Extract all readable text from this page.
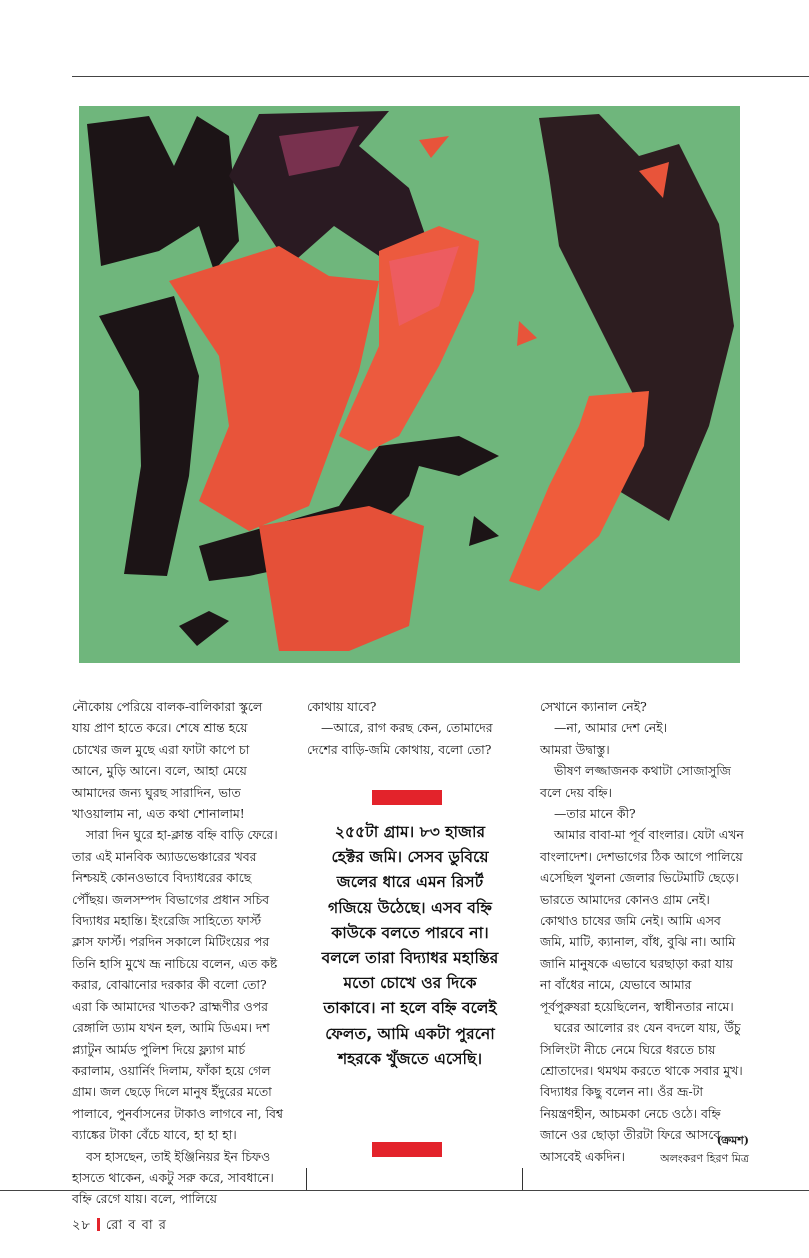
নৌকোয় পেরিয়ে বালক-বালিকারা স্কুলে যায় প্রাণ হাতে করে। শেষে শ্রান্ত হয়ে চোখের জল মুছে এরা ফাটা কাপে চা আনে, মুড়ি আনে। বলে, আহা মেয়ে আমাদের জন্য ঘুরছ সারাদিন, ভাত খাওয়ালাম না, এত কথা শোনালাম!

সারা দিন ঘুরে হা-ক্লান্ত বহ্নি বাড়ি ফেরে। তার এই মানবিক অ্যাডভেঞ্চারের খবর নিশ্চয়ই কোনওভাবে বিদ্যাধরের কাছে পৌঁছয়। জলসম্পদ বিভাগের প্রধান সচিব বিদ্যাধর মহান্তি। ইংরেজি সাহিত্যে ফার্স্ট ক্লাস ফার্স্ট। পরদিন সকালে মিটিংয়ের পর তিনি হাসি মুখে ভ্রূ নাচিয়ে বলেন, এত কষ্ট করার, বোঝানোর দরকার কী বলো তো? এরা কি আমাদের খাতক? ব্রাহ্মণীর ওপর রেঙ্গালি ড্যাম যখন হল, আমি ডিএম। দশ প্ল্যাটুন আর্মড পুলিশ দিয়ে ফ্ল্যাগ মার্চ করালাম, ওয়ার্নিং দিলাম, ফাঁকা হয়ে গেল গ্রাম। জল ছেড়ে দিলে মানুষ ইঁদুরের মতো পালাবে, পুনর্বাসনের টাকাও লাগবে না, বিশ্ব ব্যাঙ্কের টাকা বেঁচে যাবে, হা হা হা।

বস হাসছেন, তাই ইঞ্জিনিয়র ইন চিফও হাসতে থাকেন, একটু সরু করে, সাবধানে। বহ্নি রেগে যায়। বলে, পালিয়ে

কোথায় যাবে?

—আরে, রাগ করছ কেন, তোমাদের দেশের বাড়ি-জমি কোথায়, বলো তো?

২৫৫টা গ্রাম। ৮৩ হাজার হেক্টর জমি। সেসব ডুবিয়ে জলের ধারে এমন রিসর্ট গজিয়ে উঠেছে। এসব বহ্নি কাউকে বলতে পারবে না। বললে তারা বিদ্যাধর মহান্তির মতো চোখে ওর দিকে তাকাবে। না হলে বহ্নি বলেই ফেলত, আমি একটা পুরনো শহরকে খুঁজতে এসেছি।

সেখানে ক্যানাল নেই?

—না, আমার দেশ নেই।

আমরা উদ্বাস্তু।

ভীষণ লজ্জাজনক কথাটা সোজাসুজি বলে দেয় বহ্নি।

—তার মানে কী?

আমার বাবা-মা পূর্ব বাংলার। যেটা এখন বাংলাদেশ। দেশভাগের ঠিক আগে পালিয়ে এসেছিল খুলনা জেলার ভিটেমাটি ছেড়ে। ভারতে আমাদের কোনও গ্রাম নেই। কোথাও চাষের জমি নেই। আমি এসব জমি, মাটি, ক্যানাল, বাঁধ, বুঝি না। আমি জানি মানুষকে এভাবে ঘরছাড়া করা যায় না বাঁধের নামে, যেভাবে আমার পূর্বপুরুষরা হয়েছিলেন, স্বাধীনতার নামে।

ঘরের আলোর রং যেন বদলে যায়, উঁচু সিলিংটা নীচে নেমে ঘিরে ধরতে চায় শ্রোতাদের। থমথম করতে থাকে সবার মুখ। বিদ্যাধর কিছু বলেন না। ওঁর ভ্রূ-টা নিয়ন্ত্রণহীন, আচমকা নেচে ওঠে। বহ্নি জানে ওর ছোড়া তীরটা ফিরে আসবে, আসবেই একদিন।

(ক্রমশ)
অলংকরণ হিরণ মিত্র
২৮ রো ব বা র
